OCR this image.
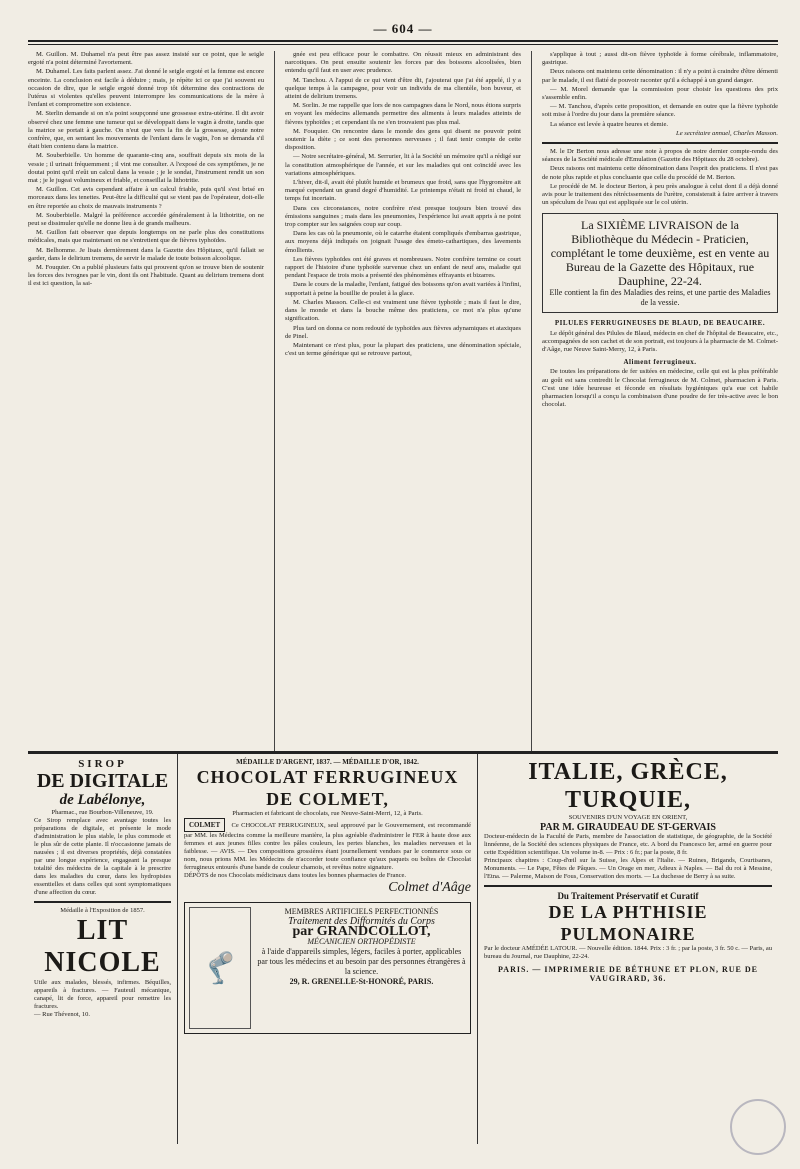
— 604 —

M. Guillon. M. Duhamel n'a peut être pas assez insisté sur ce point, que le seigle ergoté n'a point déterminé l'avortement.

M. Duhamel. Les faits parlent assez. J'ai donné le seigle ergoté et la femme est encore enceinte. La conclusion est facile à déduire ; mais, je répète ici ce que j'ai souvent eu occasion de dire, que le seigle ergoté donné trop tôt détermine des contractions de l'utérus si violentes qu'elles peuvent interrompre les communications de la mère à l'enfant et compromettre son existence.

M. Sterlin demande si on n'a point soupçonné une grossesse extra-utérine. Il dit avoir observé chez une femme une tumeur qui se développait dans le vagin à droite, tandis que la matrice se portait à gauche. On n'eut que vers la fin de la grossesse, ajoute notre confrère, que, en sentant les mouvements de l'enfant dans le vagin, l'on se demanda s'il était bien contenu dans la matrice.

M. Souberbielle. Un homme de quarante-cinq ans, souffrait depuis six mois de la vessie ; il urinait fréquemment ; il vint me consulter. A l'exposé de ces symptômes, je ne doutai point qu'il n'eût un calcul dans la vessie ; je le sondai, l'instrument rendit un son mat ; je le jugeai volumineux et friable, et conseillai la lithotritie.

M. Guillon. Cet avis cependant affaire à un calcul friable, puis qu'il s'est brisé en morceaux dans les tenettes. Peut-être la difficulté qui se vient pas de l'opérateur, doit-elle en être reportée au choix de mauvais instruments ?

M. Souberbielle. Malgré la préférence accordée généralement à la lithotritie, on ne peut se dissimuler qu'elle ne donne lieu à de grands malheurs.

M. Guillon fait observer que depuis longtemps on ne parle plus des constitutions médicales, mais que maintenant on ne s'entretient que de fièvres typhoïdes.

M. Belhomme. Je lisais dernièrement dans la Gazette des Hôpitaux, qu'il fallait se garder, dans le delirium tremens, de servir le malade de toute boisson alcoolique.

M. Fouquier. On a publié plusieurs faits qui prouvent qu'on se trouve bien de soutenir les forces des ivrognes par le vin, dont ils ont l'habitude. Quant au delirium tremens dont il est ici question, la sai-

gnée est peu efficace pour le combattre. On réussit mieux en administrant des narcotiques. On peut ensuite soutenir les forces par des boissons alcoolisées, bien entendu qu'il faut en user avec prudence.

M. Tanchou. A l'appui de ce qui vient d'être dit, j'ajouterai que j'ai été appelé, il y a quelque temps à la campagne, pour voir un individu de ma clientèle, bon buveur, et atteint de delirium tremens.

M. Sorlin. Je me rappelle que lors de nos campagnes dans le Nord, nous étions surpris en voyant les médecins allemands permettre des aliments à leurs malades atteints de fièvres typhoïdes ; et cependant ils ne s'en trouvaient pas plus mal.

M. Fouquier. On rencontre dans le monde des gens qui disent ne pouvoir point soutenir la diète ; ce sont des personnes nerveuses ; il faut tenir compte de cette disposition.

— Notre secrétaire-général, M. Serrurier, lit à la Société un mémoire qu'il a rédigé sur la constitution atmosphérique de l'année, et sur les maladies qui ont coïncidé avec les variations atmosphériques.

L'hiver, dit-il, avait été plutôt humide et brumeux que froid, sans que l'hygromètre ait marqué cependant un grand degré d'humidité. Le printemps n'était ni froid ni chaud, le temps fut incertain.

Dans ces circonstances, notre confrère n'est presque toujours bien trouvé des émissions sanguines ; mais dans les pneumonies, l'expérience lui avait appris à ne point trop compter sur les saignées coup sur coup.

Dans les cas où la pneumonie, où le catarrhe étaient compliqués d'embarras gastrique, aux moyens déjà indiqués on joignait l'usage des émeto-cathartiques, des lavements émollients.

Les fièvres typhoïdes ont été graves et nombreuses. Notre confrère termine ce court rapport de l'histoire d'une typhoïde survenue chez un enfant de neuf ans, maladie qui pendant l'espace de trois mois a présenté des phénomènes effrayants et bizarres.

Dans le cours de la maladie, l'enfant, fatigué des boissons qu'on avait variées à l'infini, supportait à peine la bouillie de poulet à la glace.

M. Charles Masson. Celle-ci est vraiment une fièvre typhoïde ; mais il faut le dire, dans le monde et dans la bouche même des praticiens, ce mot n'a plus qu'une signification.

Plus tard on donna ce nom redouté de typhoïdes aux fièvres adynamiques et ataxiques de Pinel.

Maintenant ce n'est plus, pour la plupart des praticiens, une dénomination spéciale, c'est un terme générique qui se retrouve partout,

s'applique à tout ; aussi dit-on fièvre typhoïde à forme cérébrale, inflammatoire, gastrique.

Deux raisons ont maintenu cette dénomination : il n'y a point à craindre d'être démenti par le malade, il est flatté de pouvoir raconter qu'il a échappé à un grand danger.

— M. Morel demande que la commission pour choisir les questions des prix s'assemble enfin.

— M. Tanchou, d'après cette proposition, et demande en outre que la fièvre typhoïde soit mise à l'ordre du jour dans la première séance.

La séance est levée à quatre heures et demie.

Le secrétaire annuel, Charles Masson.

M. le Dr Berton nous adresse une note à propos de notre dernier compte-rendu des séances de la Société médicale d'Emulation (Gazette des Hôpitaux du 28 octobre).

Deux raisons ont maintenu cette dénomination dans l'esprit des praticiens. Il n'est pas de note plus rapide et plus concluante que celle du procédé de M. Berton.

Le procédé de M. le docteur Berton, à peu près analogue à celui dont il a déjà donné avis pour le traitement des rétrécissements de l'urètre, consisterait à faire arriver à travers un spéculum de l'eau qui est appliquée sur le col utérin.

La SIXIÈME LIVRAISON de la Bibliothèque du Médecin - Praticien, complétant le tome deuxième, est en vente au Bureau de la Gazette des Hôpitaux, rue Dauphine, 22-24.
Elle contient la fin des Maladies des reins, et une partie des Maladies de la vessie.
PILULES FERRUGINEUSES DE BLAUD, DE BEAUCAIRE.

Le dépôt général des Pilules de Blaud, médecin en chef de l'hôpital de Beaucaire, etc., accompagnées de son cachet et de son portrait, est toujours à la pharmacie de M. Colmet-d'Aâge, rue Neuve Saint-Merry, 12, à Paris.

Aliment ferrugineux.

De toutes les préparations de fer usitées en médecine, celle qui est la plus préférable au goût est sans contredit le Chocolat ferrugineux de M. Colmet, pharmacien à Paris. C'est une idée heureuse et féconde en résultats hygiéniques qu'a eue cet habile pharmacien lorsqu'il a conçu la combinaison d'une poudre de fer très-active avec le bon chocolat.

SIROP
DE DIGITALE
de Labélonye,
Pharmac., rue Bourbon-Villeneuve, 19.
Ce Sirop remplace avec avantage toutes les préparations de digitale, et présente le mode d'administration le plus stable, le plus commode et le plus sûr de cette plante. Il n'occasionne jamais de nausées ; il est diverses propriétés, déjà constatées par une longue expérience, engageant la presque totalité des médecins de la capitale à le prescrire dans les maladies du cœur, dans les hydropisies essentielles et dans celles qui sont symptomatiques d'une affection du cœur.
Médaille à l'Exposition de 1857.
LIT NICOLE
Utile aux malades, blessés, infirmes. Béquilles, appareils à fractures. — Fauteuil mécanique, canapé, lit de force, appareil pour remettre les fractures.
— Rue Thévenot, 10.
MÉDAILLE D'ARGENT, 1837. — MÉDAILLE D'OR, 1842.
CHOCOLAT FERRUGINEUX DE COLMET,
Pharmacien et fabricant de chocolats, rue Neuve-Saint-Merri, 12, à Paris.
COLMET Ce CHOCOLAT FERRUGINEUX, seul approuvé par le Gouvernement, est recommandé par MM. les Médecins comme la meilleure manière, la plus agréable d'administrer le FER à haute dose aux femmes et aux jeunes filles contre les pâles couleurs, les pertes blanches, les maladies nerveuses et la faiblesse. — AVIS. — Des compositions grossières étant journellement vendues par le commerce sous ce nom, nous prions MM. les Médecins de n'accorder toute confiance qu'aux paquets ou boîtes de Chocolat ferrugineux entourés d'une bande de couleur chamois, et revêtus notre signature.
DÉPÔTS de nos Chocolats médicinaux dans toutes les bonnes pharmacies de France.
Colmet d'Aâge
🦿
MEMBRES ARTIFICIELS PERFECTIONNÉS
Traitement des Difformités du Corps
par GRANDCOLLOT,
MÉCANICIEN ORTHOPÉDISTE
à l'aide d'appareils simples, légers, faciles à porter, applicables par tous les médecins et au besoin par des personnes étrangères à la science.
29, R. GRENELLE-St-HONORÉ, PARIS.
ITALIE, GRÈCE, TURQUIE,
SOUVENIRS D'UN VOYAGE EN ORIENT,
PAR M. GIRAUDEAU DE ST-GERVAIS
Docteur-médecin de la Faculté de Paris, membre de l'association de statistique, de géographie, de la Société linnéenne, de la Société des sciences physiques de France, etc. A bord du Francesco Ier, armé en guerre pour cette Expédition scientifique. Un volume in-8. — Prix : 6 fr.; par la poste, 8 fr.
Principaux chapitres : Coup-d'œil sur la Suisse, les Alpes et l'Italie. — Ruines, Brigands, Courtisanes, Monuments. — Le Pape, Fêtes de Pâques. — Un Orage en mer, Adieux à Naples. — Bal du roi à Messine, l'Etna. — Palerme, Maison de Fous, Conservation des morts. — La duchesse de Berry à sa suite.
Du Traitement Préservatif et Curatif
DE LA PHTHISIE PULMONAIRE
Par le docteur AMÉDÉE LATOUR. — Nouvelle édition. 1844. Prix : 3 fr. ; par la poste, 3 fr. 50 c. — Paris, au bureau du Journal, rue Dauphine, 22-24.
PARIS. — IMPRIMERIE DE BÉTHUNE ET PLON, RUE DE VAUGIRARD, 36.
